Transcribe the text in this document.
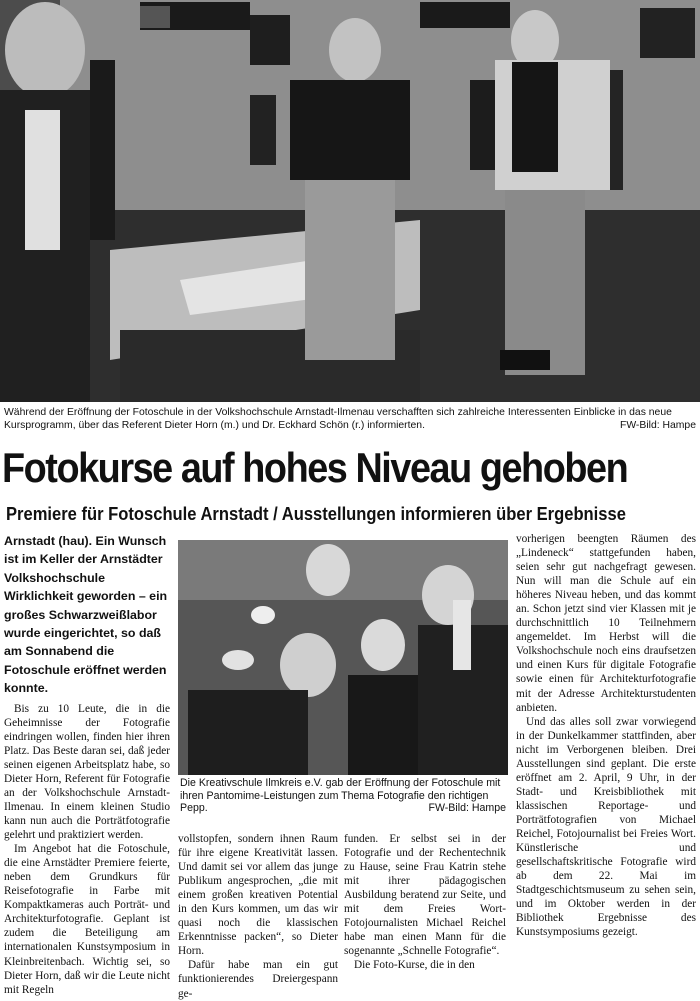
Während der Eröffnung der Fotoschule in der Volkshochschule Arnstadt-Ilmenau verschafften sich zahlreiche Interessenten Einblicke in das neue Kursprogramm, über das Referent Dieter Horn (m.) und Dr. Eckhard Schön (r.) informierten.	FW-Bild: Hampe
Fotokurse auf hohes Niveau gehoben
Premiere für Fotoschule Arnstadt / Ausstellungen informieren über Ergebnisse
Arnstadt (hau). Ein Wunsch ist im Keller der Arnstädter Volkshochschule Wirklichkeit geworden – ein großes Schwarzweißlabor wurde eingerichtet, so daß am Sonnabend die Fotoschule eröffnet werden konnte.

Bis zu 10 Leute, die in die Geheimnisse der Fotografie eindringen wollen, finden hier ihren Platz. Das Beste daran sei, daß jeder seinen eigenen Arbeitsplatz habe, so Dieter Horn, Referent für Fotografie an der Volkshochschule Arnstadt-Ilmenau. In einem kleinen Studio kann nun auch die Porträtfotografie gelehrt und praktiziert werden.

Im Angebot hat die Fotoschule, die eine Arnstädter Premiere feierte, neben dem Grundkurs für Reisefotografie in Farbe mit Kompaktkameras auch Porträt- und Architekturfotografie. Geplant ist zudem die Beteiligung am internationalen Kunstsymposium in Kleinbreitenbach. Wichtig sei, so Dieter Horn, daß wir die Leute nicht mit Regeln

Die Kreativschule Ilmkreis e.V. gab der Eröffnung der Fotoschule mit ihren Pantomime-Leistungen zum Thema Fotografie den richtigen Pepp.	FW-Bild: Hampe

vollstopfen, sondern ihnen Raum für ihre eigene Kreativität lassen. Und damit sei vor allem das junge Publikum angesprochen, „die mit einem großen kreativen Potential in den Kurs kommen, um das wir quasi noch die klassischen Erkenntnisse packen“, so Dieter Horn.

Dafür habe man ein gut funktionierendes Dreiergespann ge-

funden. Er selbst sei in der Fotografie und der Rechentechnik zu Hause, seine Frau Katrin stehe mit ihrer pädagogischen Ausbildung beratend zur Seite, und mit dem Freies Wort-Fotojournalisten Michael Reichel habe man einen Mann für die sogenannte „Schnelle Fotografie“.

Die Foto-Kurse, die in den

vorherigen beengten Räumen des „Lindeneck“ stattgefunden haben, seien sehr gut nachgefragt gewesen. Nun will man die Schule auf ein höheres Niveau heben, und das kommt an. Schon jetzt sind vier Klassen mit je durchschnittlich 10 Teilnehmern angemeldet. Im Herbst will die Volkshochschule noch eins draufsetzen und einen Kurs für digitale Fotografie sowie einen für Architekturfotografie mit der Adresse Architekturstudenten anbieten.

Und das alles soll zwar vorwiegend in der Dunkelkammer stattfinden, aber nicht im Verborgenen bleiben. Drei Ausstellungen sind geplant. Die erste eröffnet am 2. April, 9 Uhr, in der Stadt- und Kreisbibliothek mit klassischen Reportage- und Porträtfotografien von Michael Reichel, Fotojournalist bei Freies Wort. Künstlerische und gesellschaftskritische Fotografie wird ab dem 22. Mai im Stadtgeschichtsmuseum zu sehen sein, und im Oktober werden in der Bibliothek Ergebnisse des Kunstsymposiums gezeigt.
